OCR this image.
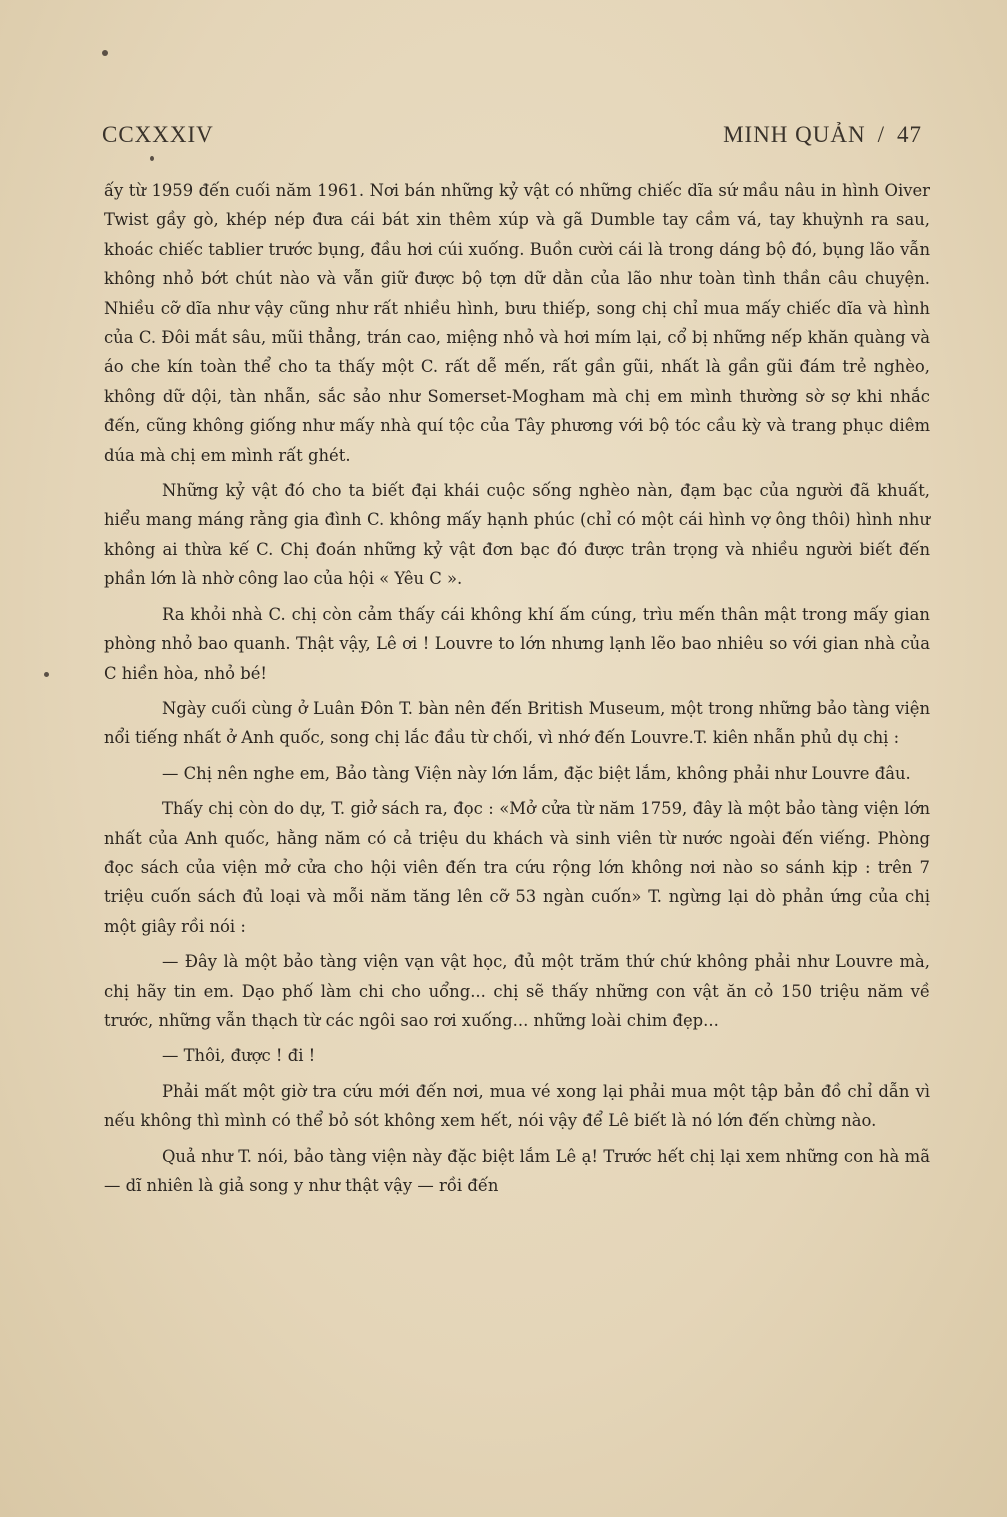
CCXXXIV	MINH QUẢN / 47

ấy từ 1959 đến cuối năm 1961. Nơi bán những kỷ vật có những chiếc dĩa sứ mầu nâu in hình Oiver Twist gầy gò, khép nép đưa cái bát xin thêm xúp và gã Dumble tay cầm vá, tay khuỳnh ra sau, khoác chiếc tablier trước bụng, đầu hơi cúi xuống. Buồn cười cái là trong dáng bộ đó, bụng lão vẫn không nhỏ bớt chút nào và vẫn giữ được bộ tợn dữ dằn của lão như toàn tình thần câu chuyện. Nhiều cỡ dĩa như vậy cũng như rất nhiều hình, bưu thiếp, song chị chỉ mua mấy chiếc dĩa và hình của C. Đôi mắt sâu, mũi thẳng, trán cao, miệng nhỏ và hơi mím lại, cổ bị những nếp khăn quàng và áo che kín toàn thể cho ta thấy một C. rất dễ mến, rất gần gũi, nhất là gần gũi đám trẻ nghèo, không dữ dội, tàn nhẫn, sắc sảo như Somerset-Mogham mà chị em mình thường sờ sợ khi nhắc đến, cũng không giống như mấy nhà quí tộc của Tây phương với bộ tóc cầu kỳ và trang phục diêm dúa mà chị em mình rất ghét.

Những kỷ vật đó cho ta biết đại khái cuộc sống nghèo nàn, đạm bạc của người đã khuất, hiểu mang máng rằng gia đình C. không mấy hạnh phúc (chỉ có một cái hình vợ ông thôi) hình như không ai thừa kế C. Chị đoán những kỷ vật đơn bạc đó được trân trọng và nhiều người biết đến phần lớn là nhờ công lao của hội « Yêu C ».

Ra khỏi nhà C. chị còn cảm thấy cái không khí ấm cúng, trìu mến thân mật trong mấy gian phòng nhỏ bao quanh. Thật vậy, Lê ơi ! Louvre to lớn nhưng lạnh lẽo bao nhiêu so với gian nhà của C hiền hòa, nhỏ bé!

Ngày cuối cùng ở Luân Đôn T. bàn nên đến British Museum, một trong những bảo tàng viện nổi tiếng nhất ở Anh quốc, song chị lắc đầu từ chối, vì nhớ đến Louvre.T. kiên nhẫn phủ dụ chị :

— Chị nên nghe em, Bảo tàng Viện này lớn lắm, đặc biệt lắm, không phải như Louvre đâu.

Thấy chị còn do dự, T. giở sách ra, đọc : «Mở cửa từ năm 1759, đây là một bảo tàng viện lớn nhất của Anh quốc, hằng năm có cả triệu du khách và sinh viên từ nước ngoài đến viếng. Phòng đọc sách của viện mở cửa cho hội viên đến tra cứu rộng lớn không nơi nào so sánh kịp : trên 7 triệu cuốn sách đủ loại và mỗi năm tăng lên cỡ 53 ngàn cuốn» T. ngừng lại dò phản ứng của chị một giây rồi nói :

— Đây là một bảo tàng viện vạn vật học, đủ một trăm thứ chứ không phải như Louvre mà, chị hãy tin em. Dạo phố làm chi cho uổng... chị sẽ thấy những con vật ăn cỏ 150 triệu năm về trước, những vẫn thạch từ các ngôi sao rơi xuống... những loài chim đẹp...

— Thôi, được ! đi !

Phải mất một giờ tra cứu mới đến nơi, mua vé xong lại phải mua một tập bản đồ chỉ dẫn vì nếu không thì mình có thể bỏ sót không xem hết, nói vậy để Lê biết là nó lớn đến chừng nào.

Quả như T. nói, bảo tàng viện này đặc biệt lắm Lê ạ! Trước hết chị lại xem những con hà mã — dĩ nhiên là giả song y như thật vậy — rồi đến
